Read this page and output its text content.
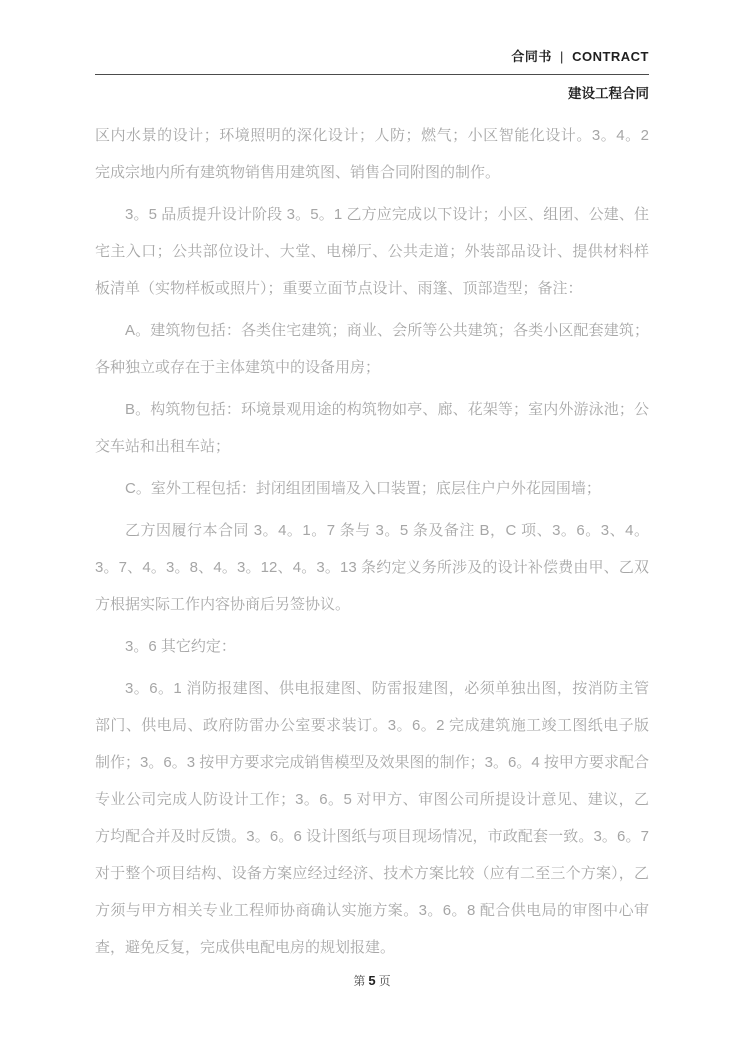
合同书 | CONTRACT
建设工程合同

区内水景的设计；环境照明的深化设计；人防；燃气；小区智能化设计。3。4。2 完成宗地内所有建筑物销售用建筑图、销售合同附图的制作。

3。5 品质提升设计阶段 3。5。1 乙方应完成以下设计；小区、组团、公建、住宅主入口；公共部位设计、大堂、电梯厅、公共走道；外装部品设计、提供材料样板清单（实物样板或照片）；重要立面节点设计、雨篷、顶部造型；备注：

A。建筑物包括：各类住宅建筑；商业、会所等公共建筑；各类小区配套建筑；各种独立或存在于主体建筑中的设备用房；

B。构筑物包括：环境景观用途的构筑物如亭、廊、花架等；室内外游泳池；公交车站和出租车站；

C。室外工程包括：封闭组团围墙及入口装置；底层住户户外花园围墙；

乙方因履行本合同 3。4。1。7 条与 3。5 条及备注 B，C 项、3。6。3、4。3。7、4。3。8、4。3。12、4。3。13 条约定义务所涉及的设计补偿费由甲、乙双方根据实际工作内容协商后另签协议。

3。6 其它约定：

3。6。1 消防报建图、供电报建图、防雷报建图，必须单独出图，按消防主管部门、供电局、政府防雷办公室要求装订。3。6。2 完成建筑施工竣工图纸电子版制作；3。6。3 按甲方要求完成销售模型及效果图的制作；3。6。4 按甲方要求配合专业公司完成人防设计工作；3。6。5 对甲方、审图公司所提设计意见、建议，乙方均配合并及时反馈。3。6。6 设计图纸与项目现场情况，市政配套一致。3。6。7 对于整个项目结构、设备方案应经过经济、技术方案比较（应有二至三个方案），乙方须与甲方相关专业工程师协商确认实施方案。3。6。8 配合供电局的审图中心审查，避免反复，完成供电配电房的规划报建。

第 5 页
